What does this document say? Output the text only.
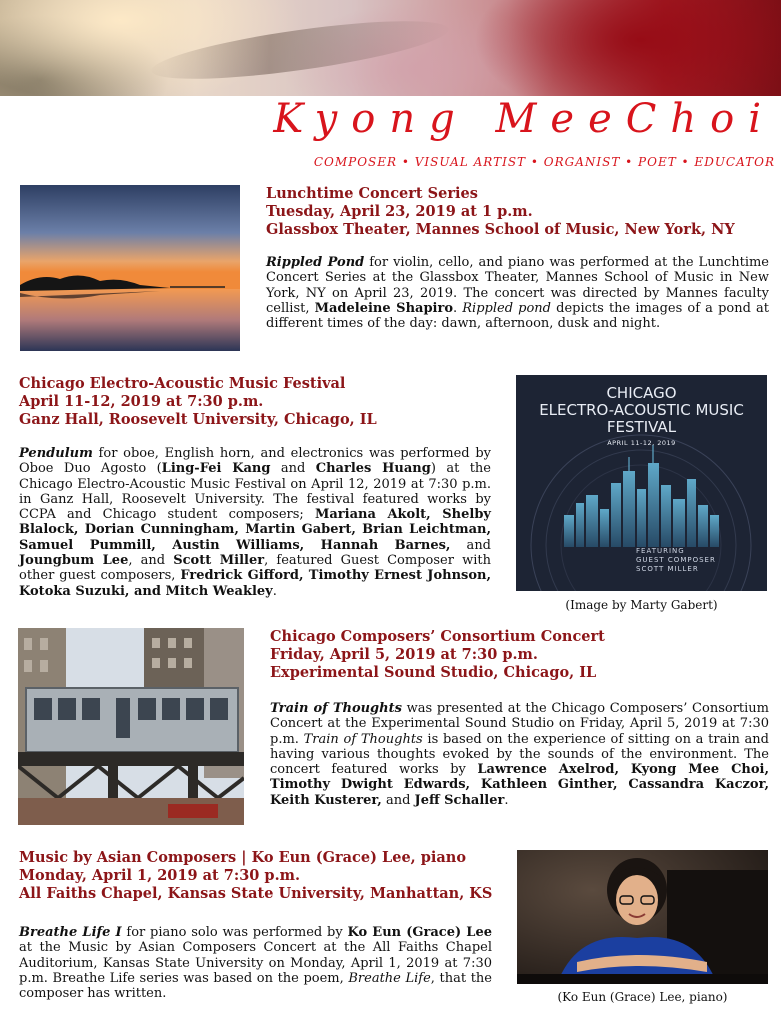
Kyong MeeChoi
COMPOSER • VISUAL ARTIST • ORGANIST • POET • EDUCATOR
Lunchtime Concert Series
Tuesday, April 23, 2019 at 1 p.m.
Glassbox Theater, Mannes School of Music, New York, NY
Rippled Pond for violin, cello, and piano was performed at the Lunchtime Concert Series at the Glassbox Theater, Mannes School of Music in New York, NY on April 23, 2019. The concert was directed by Mannes faculty cellist, Madeleine Shapiro. Rippled pond depicts the images of a pond at different times of the day: dawn, afternoon, dusk and night.
Chicago Electro-Acoustic Music Festival
April 11-12, 2019 at 7:30 p.m.
Ganz Hall, Roosevelt University, Chicago, IL
Pendulum for oboe, English horn, and electronics was performed by Oboe Duo Agosto (Ling-Fei Kang and Charles Huang) at the Chicago Electro-Acoustic Music Festival on April 12, 2019 at 7:30 p.m. in Ganz Hall, Roosevelt University. The festival featured works by CCPA and Chicago student composers; Mariana Akolt, Shelby Blalock, Dorian Cunningham, Martin Gabert, Brian Leichtman, Samuel Pummill, Austin Williams, Hannah Barnes, and Joungbum Lee, and Scott Miller, featured Guest Composer with other guest composers, Fredrick Gifford, Timothy Ernest Johnson, Kotoka Suzuki, and Mitch Weakley.
CHICAGO
ELECTRO-ACOUSTIC MUSIC
FESTIVAL
APRIL 11-12, 2019
FEATURING
GUEST COMPOSER
SCOTT MILLER
(Image by Marty Gabert)
Chicago Composers’ Consortium Concert
Friday, April 5, 2019 at 7:30 p.m.
Experimental Sound Studio, Chicago, IL
Train of Thoughts was presented at the Chicago Composers’ Consortium Concert at the Experimental Sound Studio on Friday, April 5, 2019 at 7:30 p.m. Train of Thoughts is based on the experience of sitting on a train and having various thoughts evoked by the sounds of the environment. The concert featured works by Lawrence Axelrod, Kyong Mee Choi, Timothy Dwight Edwards, Kathleen Ginther, Cassandra Kaczor, Keith Kusterer, and Jeff Schaller.
Music by Asian Composers | Ko Eun (Grace) Lee, piano
Monday, April 1, 2019 at 7:30 p.m.
All Faiths Chapel, Kansas State University, Manhattan, KS
Breathe Life I for piano solo was performed by Ko Eun (Grace) Lee at the Music by Asian Composers Concert at the All Faiths Chapel Auditorium, Kansas State University on Monday, April 1, 2019 at 7:30 p.m. Breathe Life series was based on the poem, Breathe Life, that the composer has written.	(Ko Eun (Grace) Lee, piano)
